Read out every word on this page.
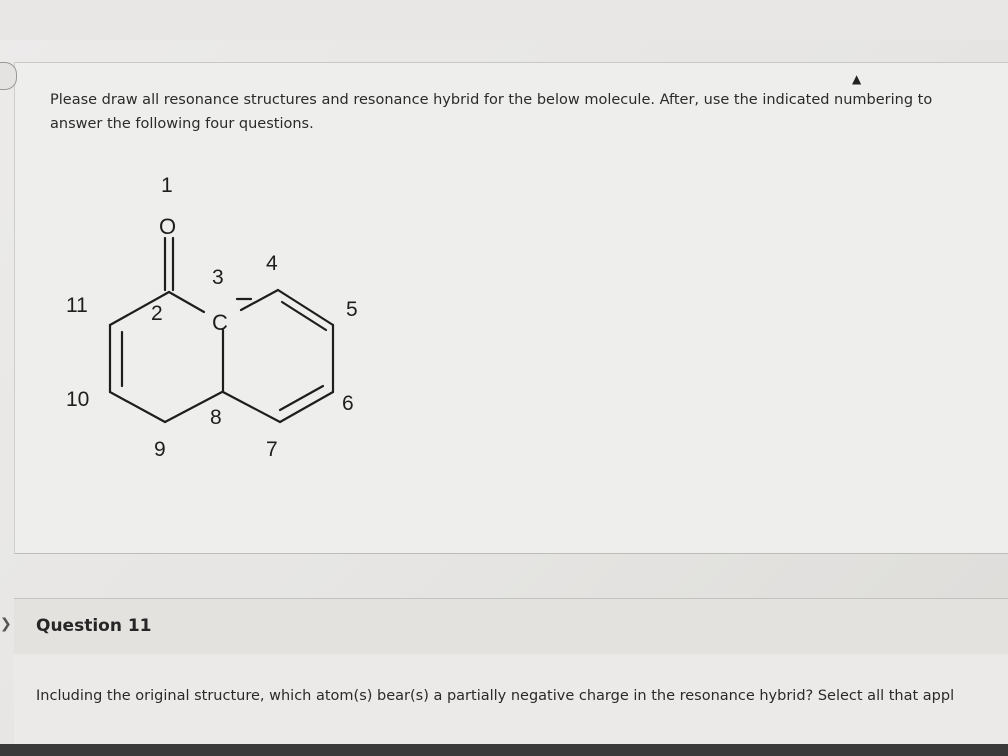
Please draw all resonance structures and resonance hybrid for the below molecule. After, use the indicated numbering to answer the following four questions.

▲
O
C
1
2
3
4
5
6
7
8
9
10
11
❯ Question 11
Including the original structure, which atom(s) bear(s) a partially negative charge in the resonance hybrid? Select all that appl
